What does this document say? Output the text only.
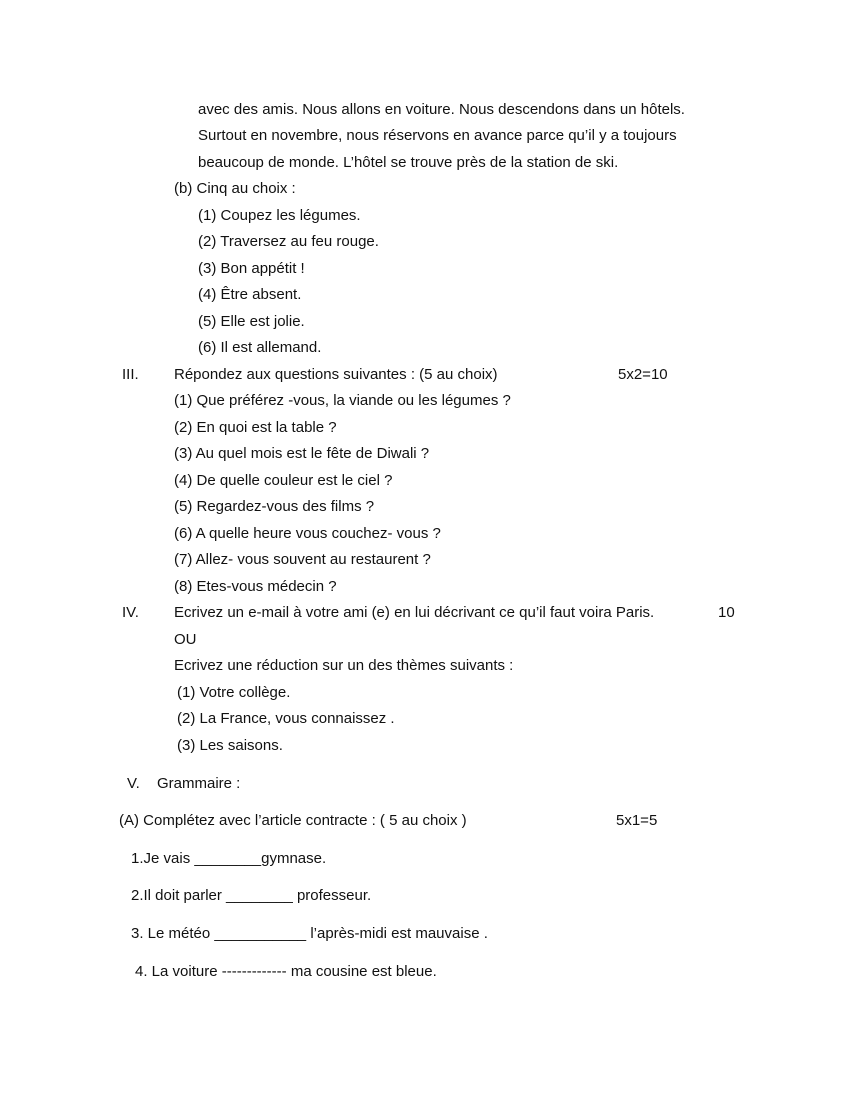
avec des amis. Nous allons en voiture. Nous descendons dans un hôtels.
Surtout en novembre, nous réservons en avance parce qu’il y a toujours
beaucoup de monde. L’hôtel se trouve près de la station de ski.
(b) Cinq au choix :
(1) Coupez les légumes.
(2) Traversez au feu rouge.
(3) Bon appétit !
(4) Être absent.
(5) Elle est jolie.
(6) Il est allemand.
III. Répondez aux questions suivantes : (5 au choix)	5x2=10
(1) Que préférez -vous, la viande ou les légumes ?
(2) En quoi est la table ?
(3) Au quel mois est le fête de Diwali ?
(4) De quelle couleur est le ciel ?
(5) Regardez-vous des films ?
(6) A quelle heure vous couchez- vous ?
(7) Allez- vous souvent au restaurent ?
(8) Etes-vous médecin ?
IV. Ecrivez un e-mail à votre ami (e) en lui décrivant ce qu’il faut voira Paris.	10
OU
Ecrivez une réduction sur un des thèmes suivants :
(1) Votre collège.
(2) La France, vous connaissez .
(3) Les saisons.
V. Grammaire :
(A) Complétez avec l’article contracte : ( 5 au choix )	5x1=5
1.Je vais ________gymnase.
2.Il doit parler ________ professeur.
3. Le météo ___________ l’après-midi est mauvaise .
4. La voiture ------------- ma cousine est bleue.
